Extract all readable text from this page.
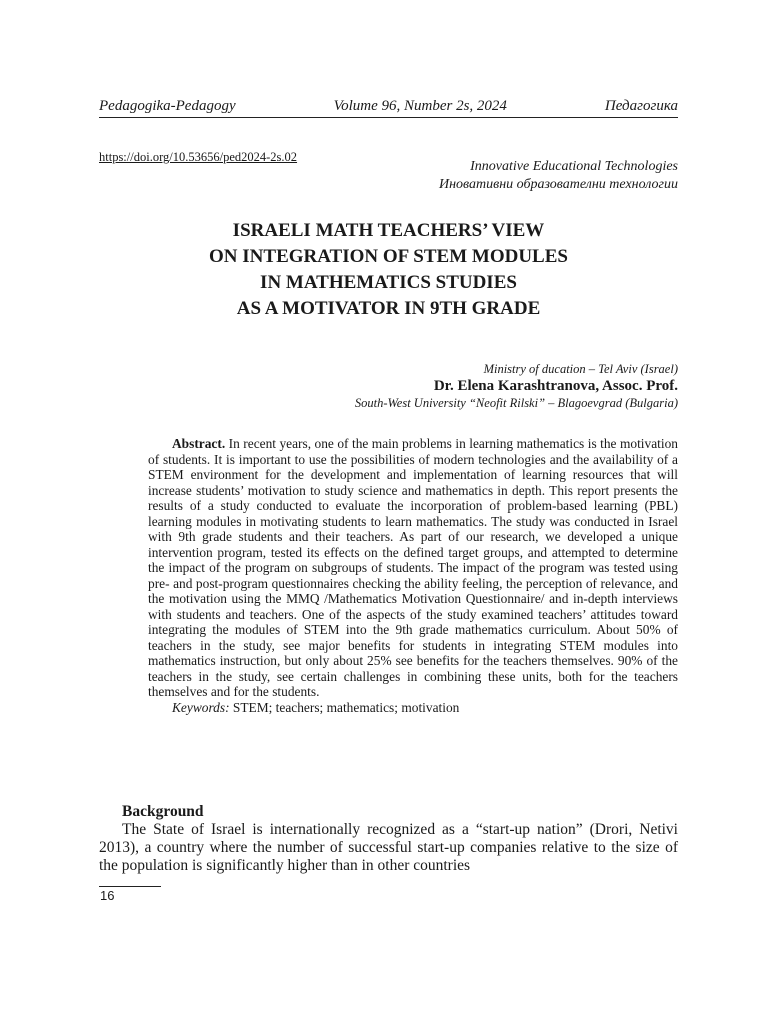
Pedagogika-Pedagogy	Volume 96, Number 2s, 2024	Педагогика
https://doi.org/10.53656/ped2024-2s.02
Innovative Educational Technologies
Иновативни образователни технологии
ISRAELI MATH TEACHERS’ VIEW
ON INTEGRATION OF STEM MODULES
IN MATHEMATICS STUDIES
AS A MOTIVATOR IN 9TH GRADE
Ministry of ducation – Tel Aviv (Israel)
Dr. Elena Karashtranova, Assoc. Prof.
South-West University “Neofit Rilski” – Blagoevgrad (Bulgaria)

Abstract. In recent years, one of the main problems in learning mathematics is the motivation of students. It is important to use the possibilities of modern technologies and the availability of a STEM environment for the development and implementation of learning resources that will increase students’ motivation to study science and mathematics in depth. This report presents the results of a study conducted to evaluate the incorporation of problem-based learning (PBL) learning modules in motivating students to learn mathematics. The study was conducted in Israel with 9th grade students and their teachers. As part of our research, we developed a unique intervention program, tested its effects on the defined target groups, and attempted to determine the impact of the program on subgroups of students. The impact of the program was tested using pre- and post-program questionnaires checking the ability feeling, the perception of relevance, and the motivation using the MMQ /Mathematics Motivation Questionnaire/ and in-depth interviews with students and teachers. One of the aspects of the study examined teachers’ attitudes toward integrating the modules of STEM into the 9th grade mathematics curriculum. About 50% of teachers in the study, see major benefits for students in integrating STEM modules into mathematics instruction, but only about 25% see benefits for the teachers themselves. 90% of the teachers in the study, see certain challenges in combining these units, both for the teachers themselves and for the students.

Keywords: STEM; teachers; mathematics; motivation

Background

The State of Israel is internationally recognized as a “start-up nation” (Drori, Netivi 2013), a country where the number of successful start-up companies relative to the size of the population is significantly higher than in other countries

16
